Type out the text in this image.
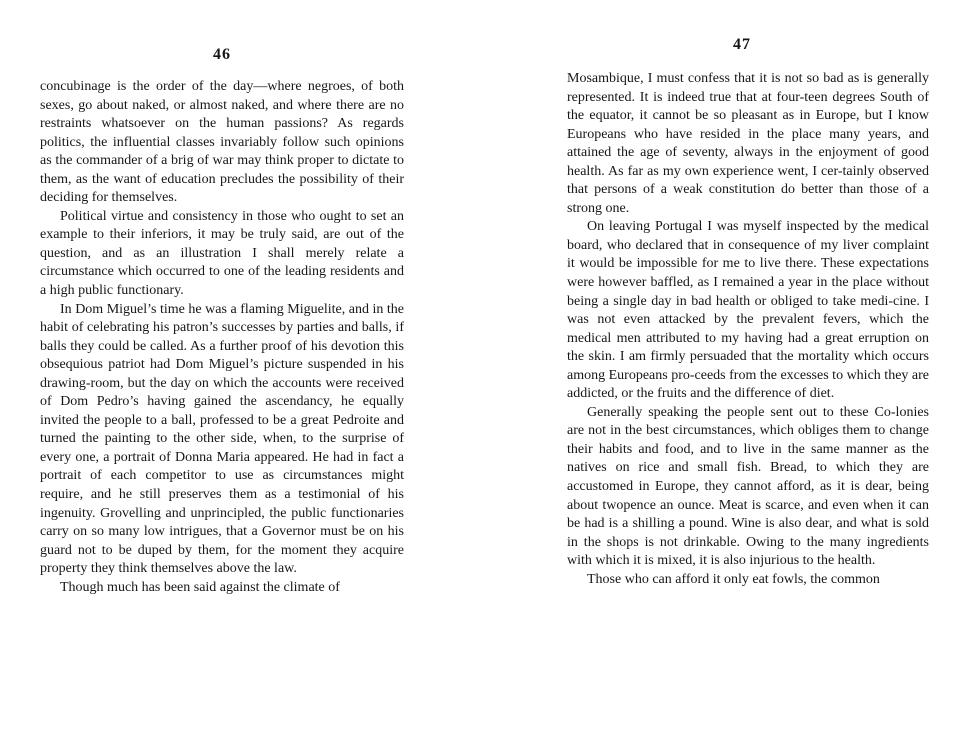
46

concubinage is the order of the day—where negroes, of both sexes, go about naked, or almost naked, and where there are no restraints whatsoever on the human passions? As regards politics, the influential classes invariably follow such opinions as the commander of a brig of war may think proper to dictate to them, as the want of education precludes the possibility of their deciding for themselves.

Political virtue and consistency in those who ought to set an example to their inferiors, it may be truly said, are out of the question, and as an illustration I shall merely relate a circumstance which occurred to one of the leading residents and a high public functionary.

In Dom Miguel’s time he was a flaming Miguelite, and in the habit of celebrating his patron’s successes by parties and balls, if balls they could be called. As a further proof of his devotion this obsequious patriot had Dom Miguel’s picture suspended in his drawing-room, but the day on which the accounts were received of Dom Pedro’s having gained the ascendancy, he equally invited the people to a ball, professed to be a great Pedroite and turned the painting to the other side, when, to the surprise of every one, a portrait of Donna Maria appeared. He had in fact a portrait of each competitor to use as circumstances might require, and he still preserves them as a testimonial of his ingenuity. Grovelling and unprincipled, the public functionaries carry on so many low intrigues, that a Governor must be on his guard not to be duped by them, for the moment they acquire property they think themselves above the law.

Though much has been said against the climate of

47

Mosambique, I must confess that it is not so bad as is generally represented. It is indeed true that at four-teen degrees South of the equator, it cannot be so pleasant as in Europe, but I know Europeans who have resided in the place many years, and attained the age of seventy, always in the enjoyment of good health. As far as my own experience went, I cer-tainly observed that persons of a weak constitution do better than those of a strong one.

On leaving Portugal I was myself inspected by the medical board, who declared that in consequence of my liver complaint it would be impossible for me to live there. These expectations were however baffled, as I remained a year in the place without being a single day in bad health or obliged to take medi-cine. I was not even attacked by the prevalent fevers, which the medical men attributed to my having had a great erruption on the skin. I am firmly persuaded that the mortality which occurs among Europeans pro-ceeds from the excesses to which they are addicted, or the fruits and the difference of diet.

Generally speaking the people sent out to these Co-lonies are not in the best circumstances, which obliges them to change their habits and food, and to live in the same manner as the natives on rice and small fish. Bread, to which they are accustomed in Europe, they cannot afford, as it is dear, being about twopence an ounce. Meat is scarce, and even when it can be had is a shilling a pound. Wine is also dear, and what is sold in the shops is not drinkable. Owing to the many ingredients with which it is mixed, it is also injurious to the health.

Those who can afford it only eat fowls, the common
